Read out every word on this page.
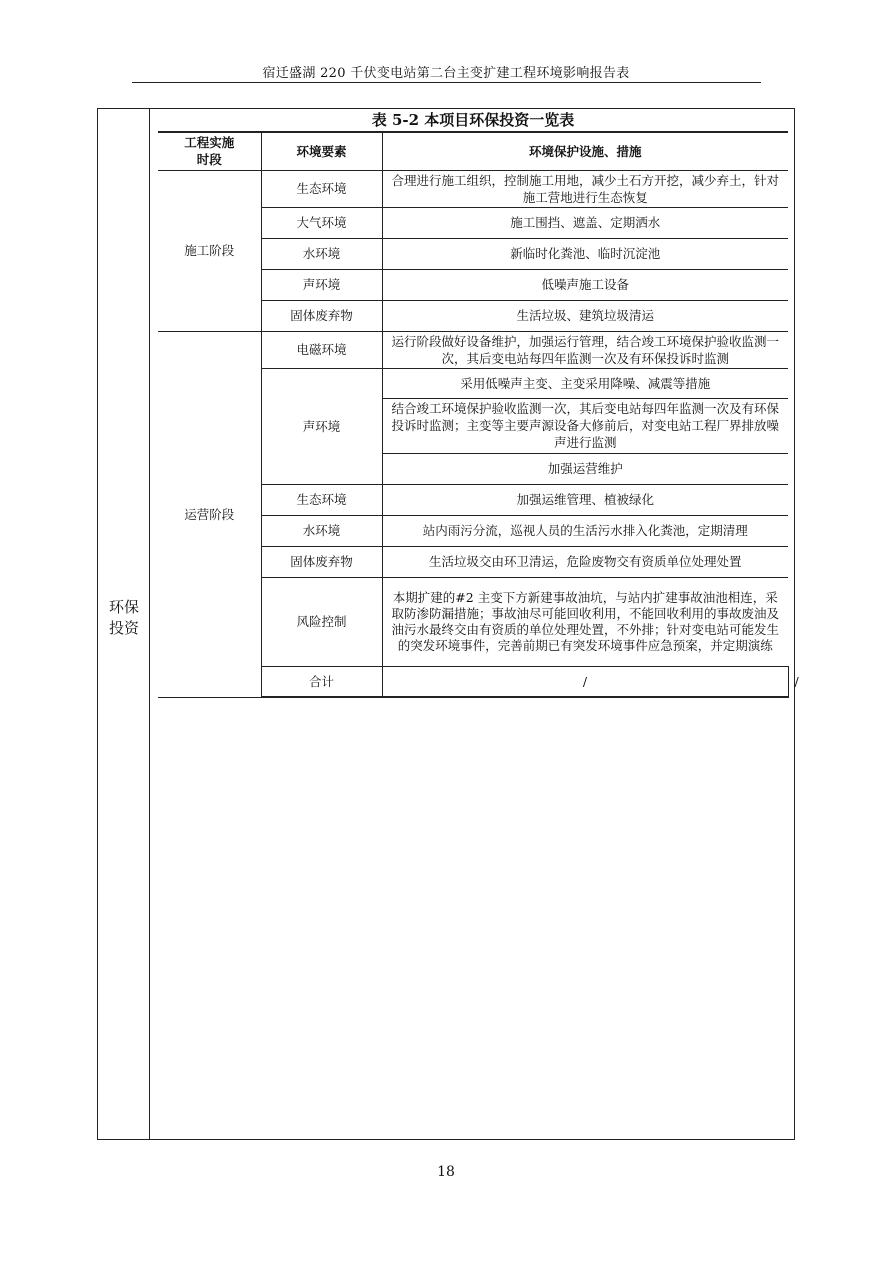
宿迁盛湖 220 千伏变电站第二台主变扩建工程环境影响报告表
环保投资
表 5-2 本项目环保投资一览表
工程实施时段	环境要素	环境保护设施、措施	
施工阶段	生态环境	合理进行施工组织，控制施工用地，减少土石方开挖，减少弃土，针对施工营地进行生态恢复	
	大气环境	施工围挡、遮盖、定期洒水	
	水环境	新临时化粪池、临时沉淀池	
	声环境	低噪声施工设备	
	固体废弃物	生活垃圾、建筑垃圾清运	
运营阶段	电磁环境	运行阶段做好设备维护，加强运行管理，结合竣工环境保护验收监测一次，其后变电站每四年监测一次及有环保投诉时监测	
	声环境	采用低噪声主变、主变采用降噪、减震等措施	
		结合竣工环境保护验收监测一次，其后变电站每四年监测一次及有环保投诉时监测；主变等主要声源设备大修前后，对变电站工程厂界排放噪声进行监测	
		加强运营维护	
	生态环境	加强运维管理、植被绿化	
	水环境	站内雨污分流，巡视人员的生活污水排入化粪池，定期清理	
	固体废弃物	生活垃圾交由环卫清运，危险废物交有资质单位处理处置	
	风险控制	本期扩建的#2 主变下方新建事故油坑，与站内扩建事故油池相连，采取防渗防漏措施；事故油尽可能回收利用，不能回收利用的事故废油及油污水最终交由有资质的单位处理处置，不外排；针对变电站可能发生的突发环境事件，完善前期已有突发环境事件应急预案，并定期演练	
	合计	/	/
18
